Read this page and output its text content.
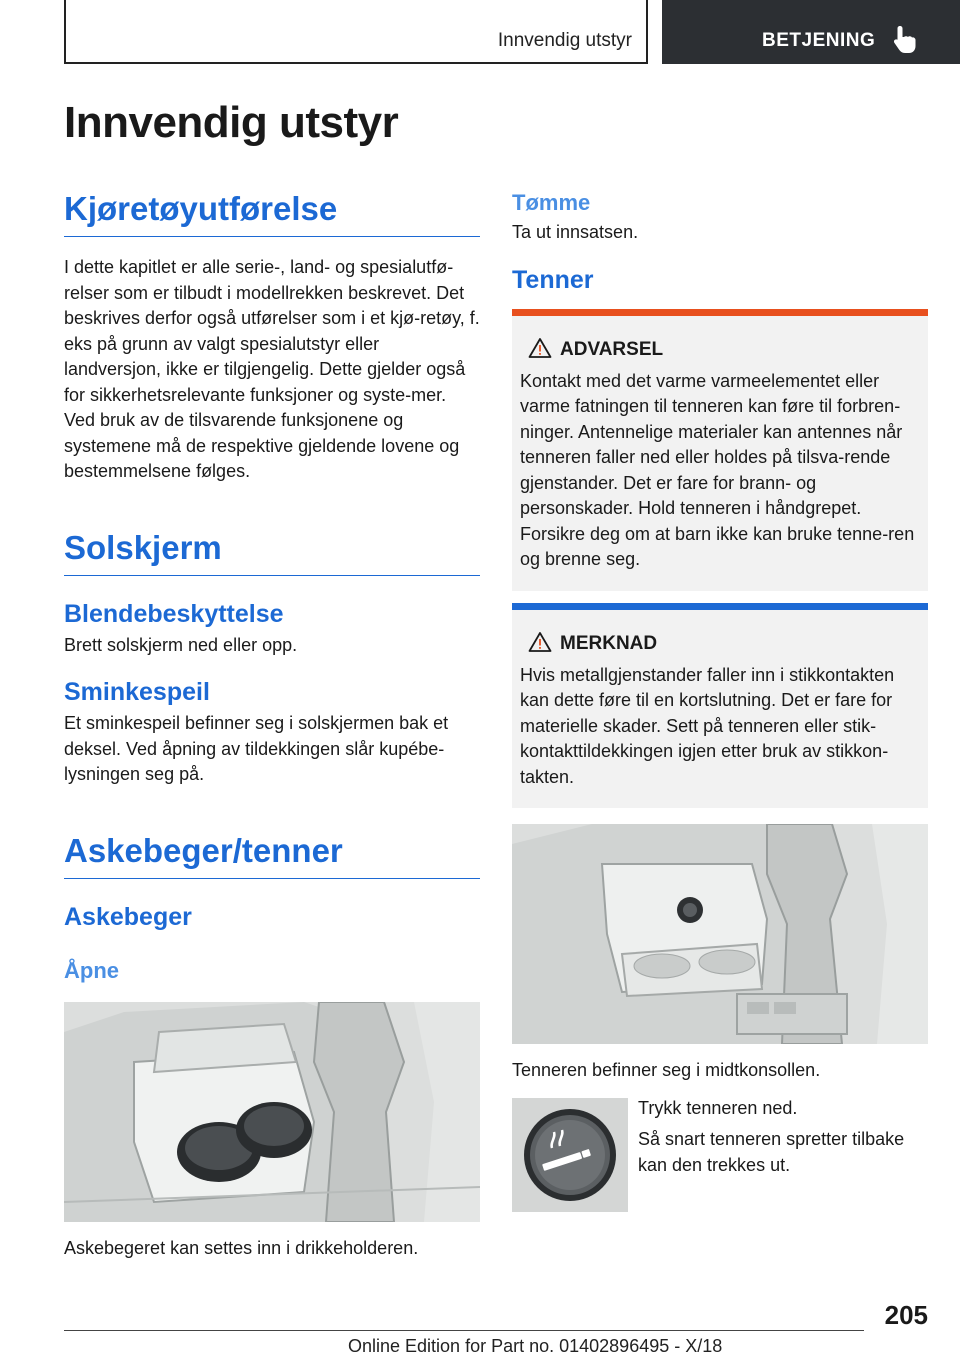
Innvendig utstyr	BETJENING
Innvendig utstyr
Kjøretøyutførelse

I dette kapitlet er alle serie-, land- og spesialutfø-relser som er tilbudt i modellrekken beskrevet. Det beskrives derfor også utførelser som i et kjø-retøy, f. eks på grunn av valgt spesialutstyr eller landversjon, ikke er tilgjengelig. Dette gjelder også for sikkerhetsrelevante funksjoner og syste-mer. Ved bruk av de tilsvarende funksjonene og systemene må de respektive gjeldende lovene og bestemmelsene følges.

Solskjerm
Blendebeskyttelse

Brett solskjerm ned eller opp.

Sminkespeil

Et sminkespeil befinner seg i solskjermen bak et deksel. Ved åpning av tildekkingen slår kupébe-lysningen seg på.

Askebeger/tenner
Askebeger
Åpne

Askebegeret kan settes inn i drikkeholderen.

Tømme

Ta ut innsatsen.

Tenner
ADVARSEL

Kontakt med det varme varmeelementet eller varme fatningen til tenneren kan føre til forbren-ninger. Antennelige materialer kan antennes når tenneren faller ned eller holdes på tilsva-rende gjenstander. Det er fare for brann- og personskader. Hold tenneren i håndgrepet. Forsikre deg om at barn ikke kan bruke tenne-ren og brenne seg.

MERKNAD

Hvis metallgjenstander faller inn i stikkontakten kan dette føre til en kortslutning. Det er fare for materielle skader. Sett på tenneren eller stik-kontakttildekkingen igjen etter bruk av stikkon-takten.

Tenneren befinner seg i midtkonsollen.

Trykk tenneren ned.

Så snart tenneren spretter tilbake kan den trekkes ut.

205
Online Edition for Part no. 01402896495 - X/18
